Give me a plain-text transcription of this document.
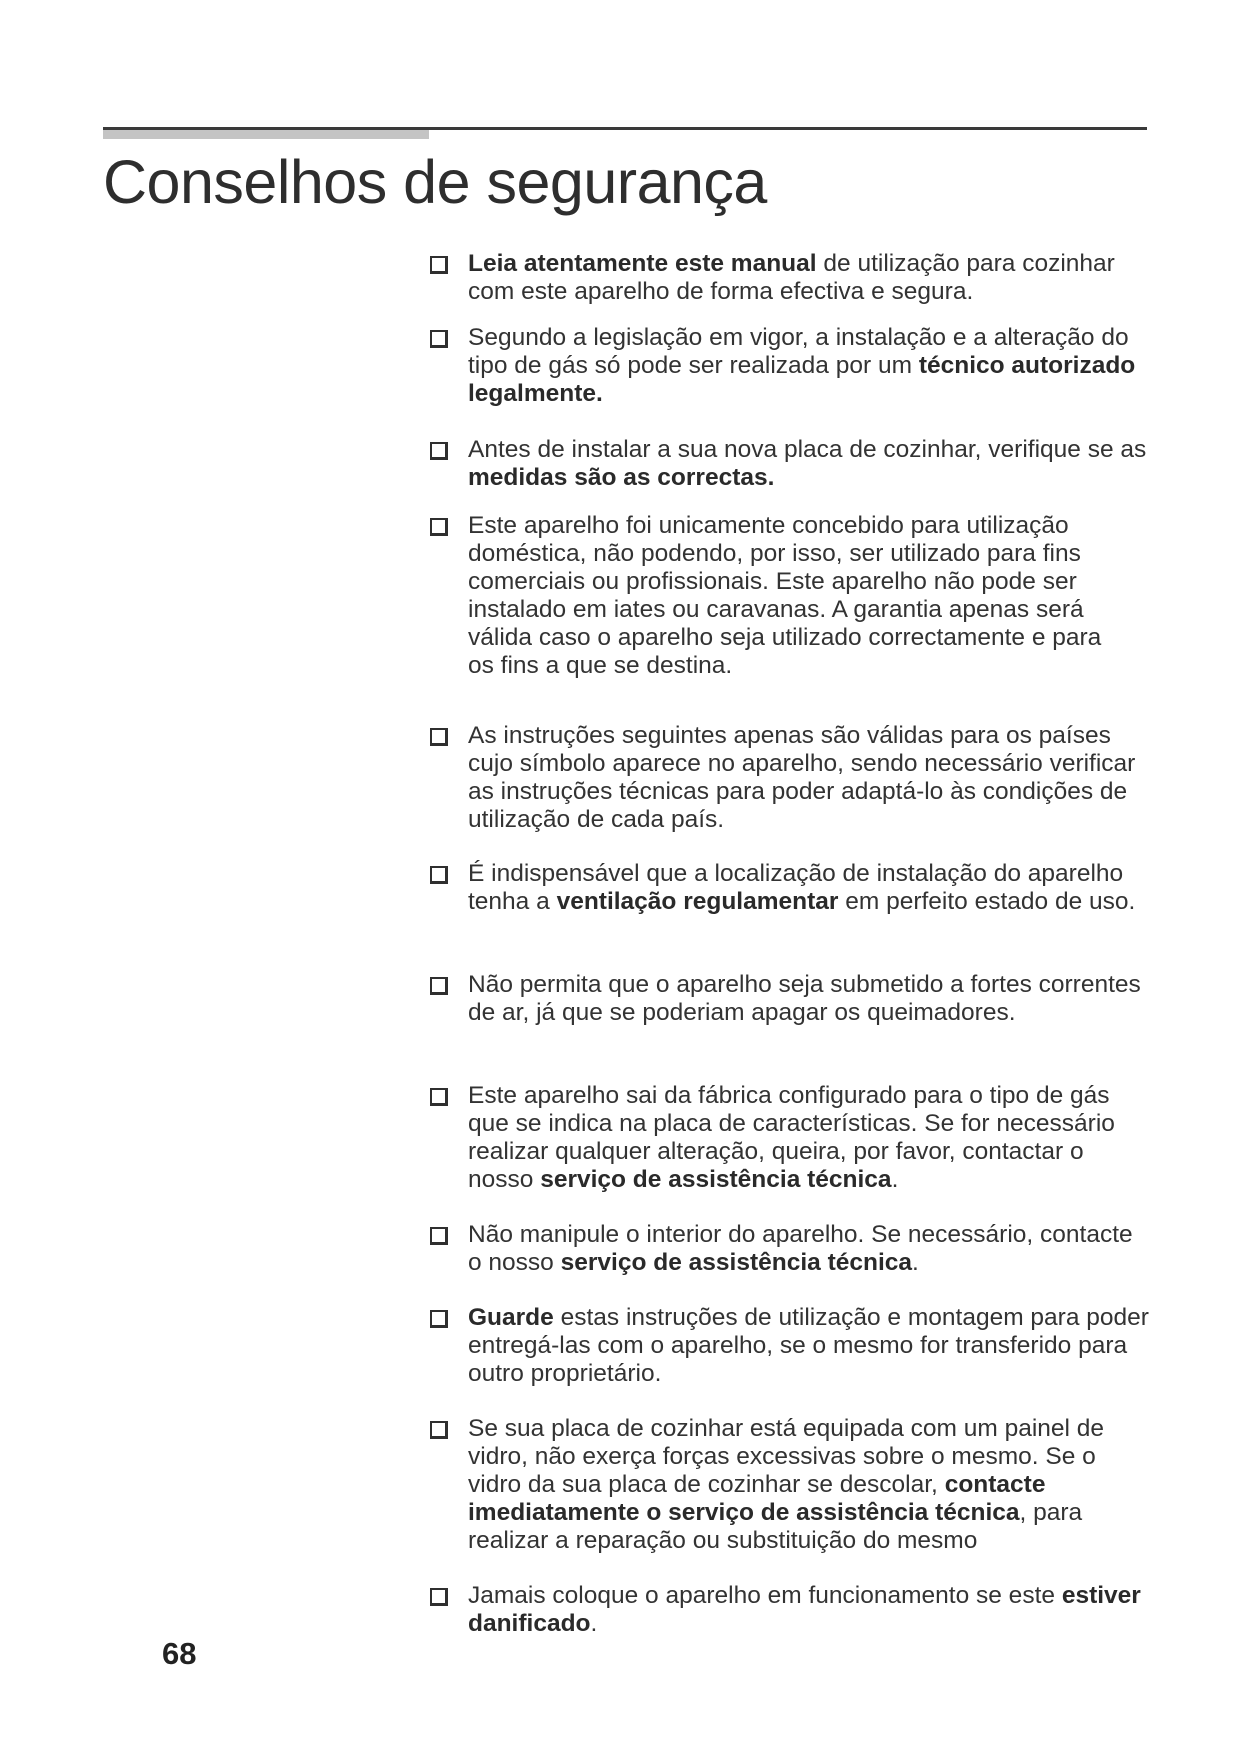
Conselhos de segurança
Leia atentamente este manual de utilização para cozinhar com este aparelho de forma efectiva e segura.
Segundo a legislação em vigor, a instalação e a alteração do tipo de gás só pode ser realizada por um técnico autorizado legalmente.
Antes de instalar a sua nova placa de cozinhar, verifique se as medidas são as correctas.
Este aparelho foi unicamente concebido para utilização doméstica, não podendo, por isso, ser utilizado para fins comerciais ou profissionais. Este aparelho não pode ser instalado em iates ou caravanas. A garantia apenas será válida caso o aparelho seja utilizado correctamente e para os fins a que se destina.
As instruções seguintes apenas são válidas para os países cujo símbolo aparece no aparelho, sendo necessário verificar as instruções técnicas para poder adaptá-lo às condições de utilização de cada país.
É indispensável que a localização de instalação do aparelho tenha a ventilação regulamentar em perfeito estado de uso.
Não permita que o aparelho seja submetido a fortes correntes de ar, já que se poderiam apagar os queimadores.
Este aparelho sai da fábrica configurado para o tipo de gás que se indica na placa de características. Se for necessário realizar qualquer alteração, queira, por favor, contactar o nosso serviço de assistência técnica.
Não manipule o interior do aparelho. Se necessário, contacte o nosso serviço de assistência técnica.
Guarde estas instruções de utilização e montagem para poder entregá-las com o aparelho, se o mesmo for transferido para outro proprietário.
Se sua placa de cozinhar está equipada com um painel de vidro, não exerça forças excessivas sobre o mesmo. Se o vidro da sua placa de cozinhar se descolar, contacte imediatamente o serviço de assistência técnica, para realizar a reparação ou substituição do mesmo
Jamais coloque o aparelho em funcionamento se este estiver danificado.
68
